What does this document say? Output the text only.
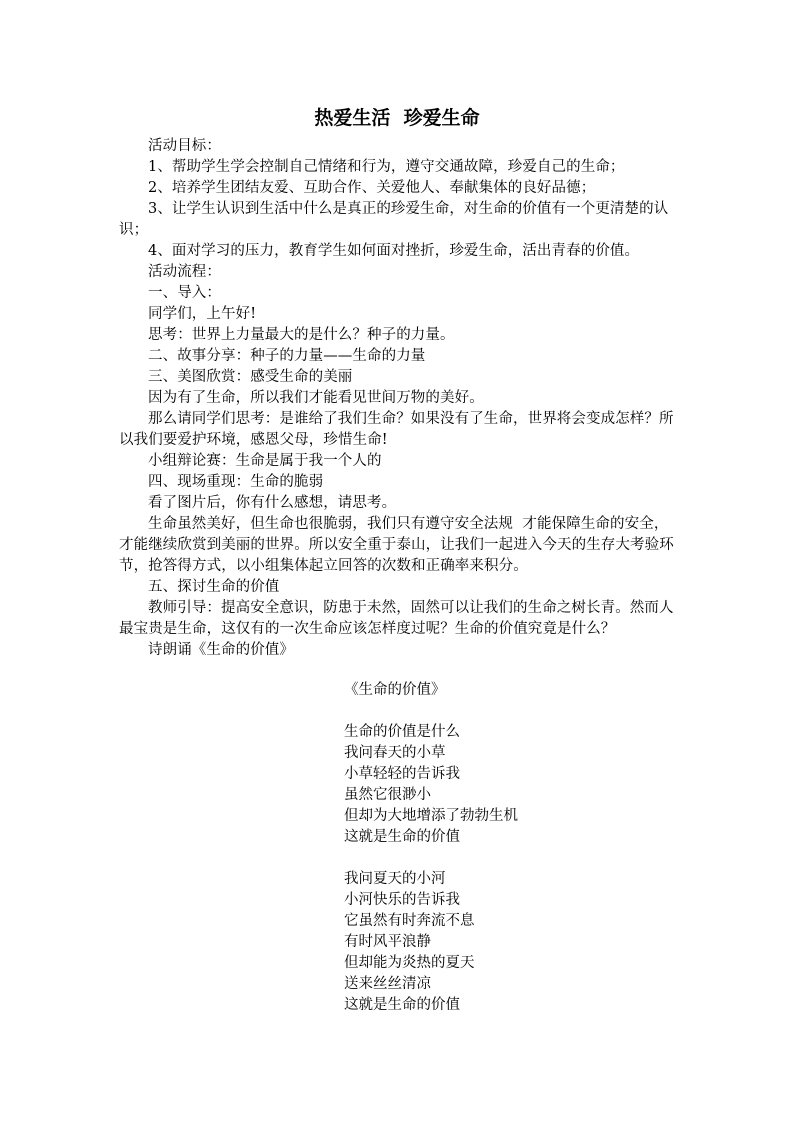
热爱生活  珍爱生命

活动目标：

1、帮助学生学会控制自己情绪和行为，遵守交通故障，珍爱自己的生命；

2、培养学生团结友爱、互助合作、关爱他人、奉献集体的良好品德；

3、让学生认识到生活中什么是真正的珍爱生命，对生命的价值有一个更清楚的认识；

4、面对学习的压力，教育学生如何面对挫折，珍爱生命，活出青春的价值。

活动流程：

一、导入：

同学们，上午好!

思考：世界上力量最大的是什么？种子的力量。

二、故事分享：种子的力量——生命的力量

三、美图欣赏：感受生命的美丽

因为有了生命，所以我们才能看见世间万物的美好。

那么请同学们思考：是谁给了我们生命？如果没有了生命，世界将会变成怎样？所以我们要爱护环境，感恩父母，珍惜生命!

小组辩论赛：生命是属于我一个人的

四、现场重现：生命的脆弱

看了图片后，你有什么感想，请思考。

生命虽然美好，但生命也很脆弱，我们只有遵守安全法规  才能保障生命的安全，才能继续欣赏到美丽的世界。所以安全重于泰山，让我们一起进入今天的生存大考验环节，抢答得方式，以小组集体起立回答的次数和正确率来积分。

五、探讨生命的价值

教师引导：提高安全意识，防患于未然，固然可以让我们的生命之树长青。然而人最宝贵是生命，这仅有的一次生命应该怎样度过呢？生命的价值究竟是什么？

诗朗诵《生命的价值》

《生命的价值》

生命的价值是什么

我问春天的小草

小草轻轻的告诉我

虽然它很渺小

但却为大地增添了勃勃生机

这就是生命的价值

我问夏天的小河

小河快乐的告诉我

它虽然有时奔流不息

有时风平浪静

但却能为炎热的夏天

送来丝丝清凉

这就是生命的价值
